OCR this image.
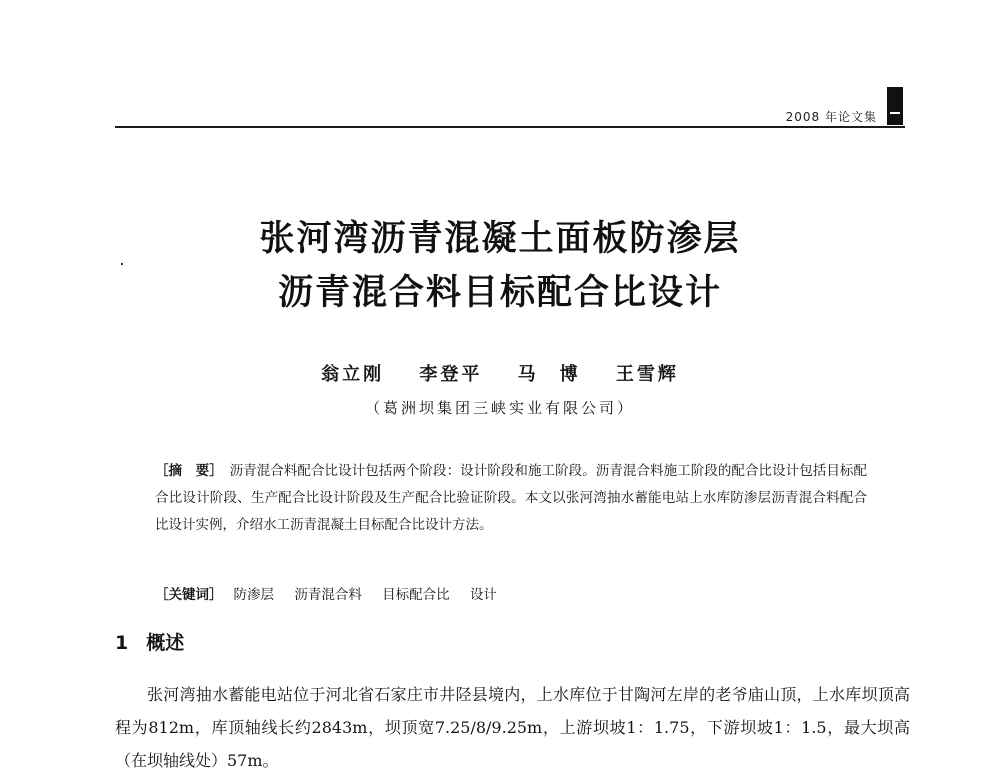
2008 年论文集
张河湾沥青混凝土面板防渗层
沥青混合料目标配合比设计
翁立刚 李登平 马　博 王雪辉
（葛洲坝集团三峡实业有限公司）
［摘　要］  沥青混合料配合比设计包括两个阶段：设计阶段和施工阶段。沥青混合料施工阶段的配合比设计包括目标配合比设计阶段、生产配合比设计阶段及生产配合比验证阶段。本文以张河湾抽水蓄能电站上水库防渗层沥青混合料配合比设计实例，介绍水工沥青混凝土目标配合比设计方法。
［关键词］  防渗层 沥青混合料 目标配合比 设计
1 概述
张河湾抽水蓄能电站位于河北省石家庄市井陉县境内，上水库位于甘陶河左岸的老爷庙山顶，上水库坝顶高程为812m，库顶轴线长约2843m，坝顶宽7.25/8/9.25m，上游坝坡1：1.75，下游坝坡1：1.5，最大坝高（在坝轴线处）57m。
